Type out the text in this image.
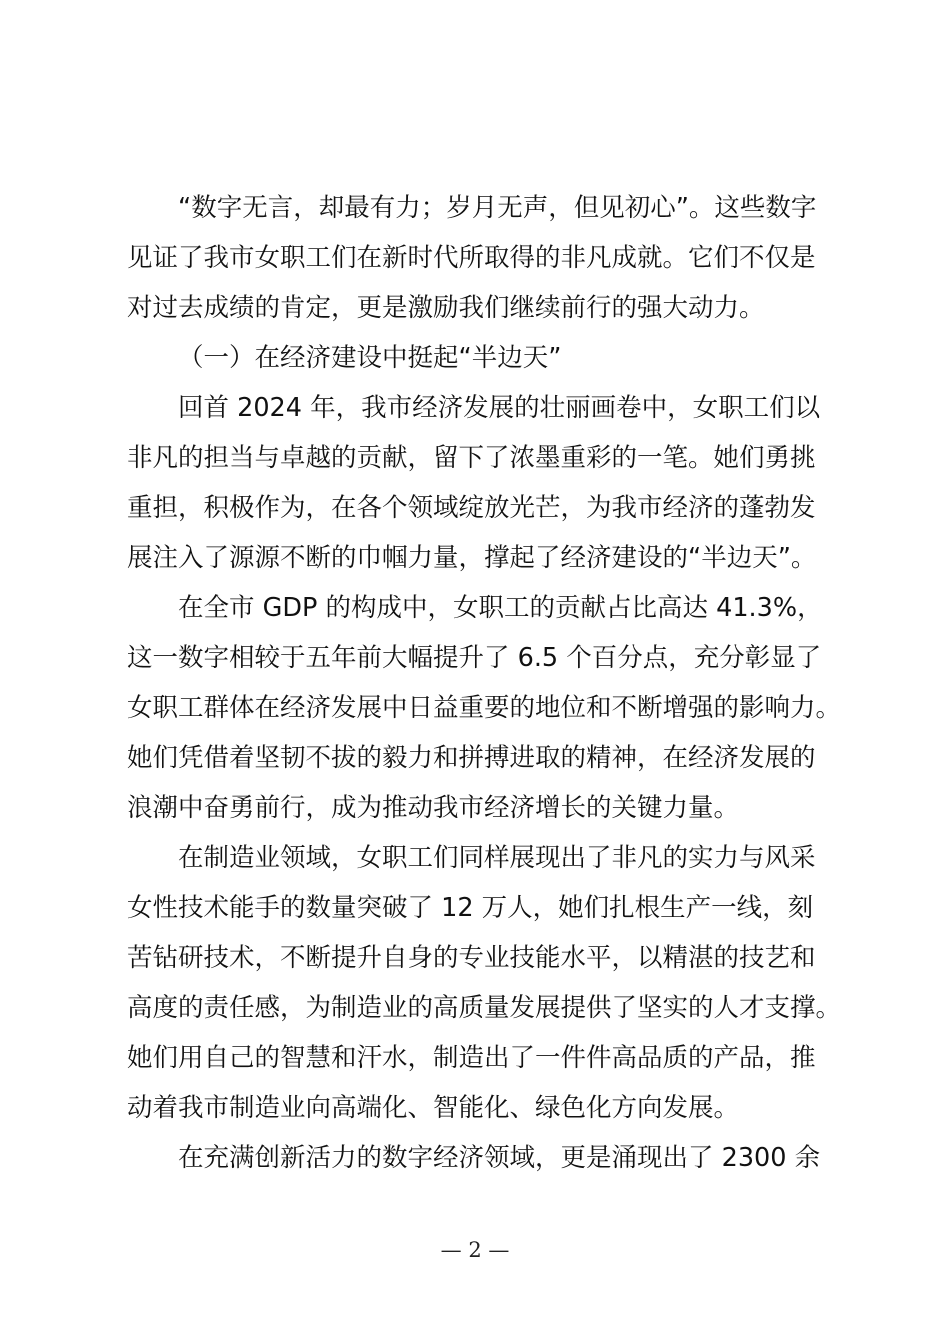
“数字无言，却最有力；岁月无声，但见初心”。这些数字
见证了我市女职工们在新时代所取得的非凡成就。它们不仅是
对过去成绩的肯定，更是激励我们继续前行的强大动力。
（一）在经济建设中挺起“半边天”
回首 2024 年，我市经济发展的壮丽画卷中，女职工们以
非凡的担当与卓越的贡献，留下了浓墨重彩的一笔。她们勇挑
重担，积极作为，在各个领域绽放光芒，为我市经济的蓬勃发
展注入了源源不断的巾帼力量，撑起了经济建设的“半边天”。
在全市 GDP 的构成中，女职工的贡献占比高达 41.3%，
这一数字相较于五年前大幅提升了 6.5 个百分点，充分彰显了
女职工群体在经济发展中日益重要的地位和不断增强的影响力。
她们凭借着坚韧不拔的毅力和拼搏进取的精神，在经济发展的
浪潮中奋勇前行，成为推动我市经济增长的关键力量。
在制造业领域，女职工们同样展现出了非凡的实力与风采
女性技术能手的数量突破了 12 万人，她们扎根生产一线，刻
苦钻研技术，不断提升自身的专业技能水平，以精湛的技艺和
高度的责任感，为制造业的高质量发展提供了坚实的人才支撑。
她们用自己的智慧和汗水，制造出了一件件高品质的产品，推
动着我市制造业向高端化、智能化、绿色化方向发展。
在充满创新活力的数字经济领域，更是涌现出了 2300 余
— 2 —
